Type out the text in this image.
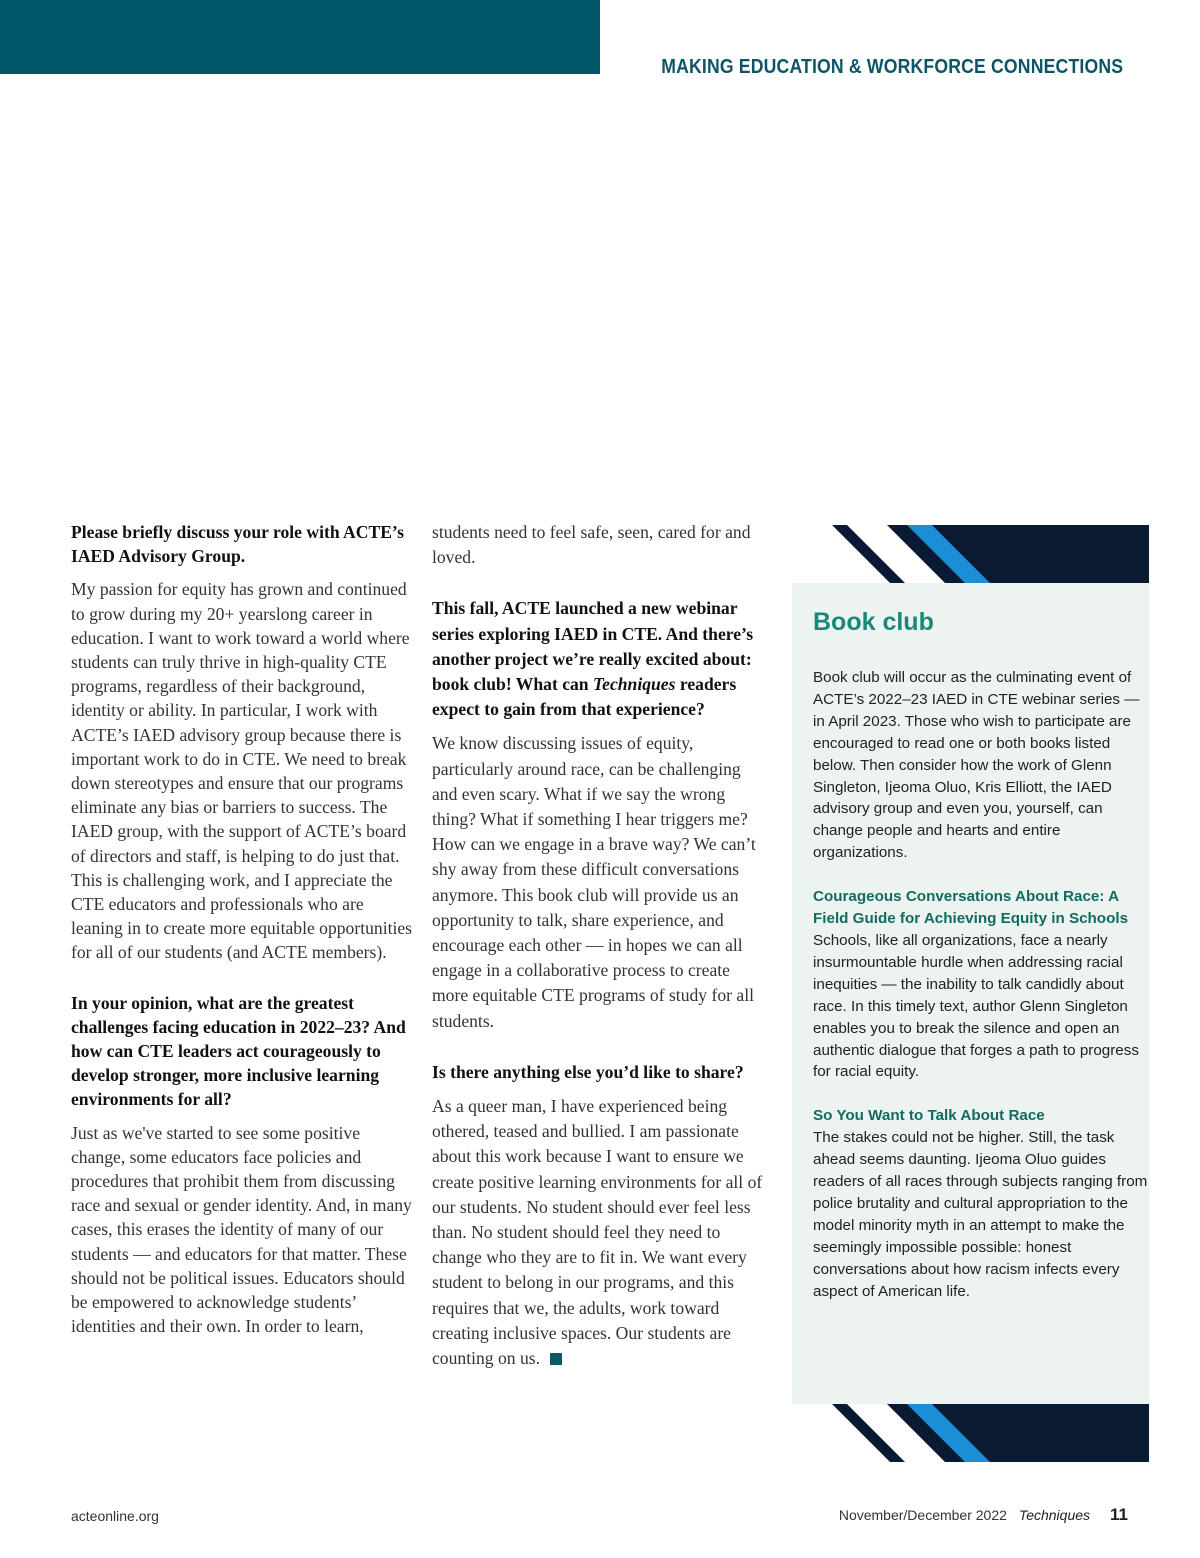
MAKING EDUCATION & WORKFORCE CONNECTIONS

Please briefly discuss your role with ACTE’s IAED Advisory Group.

My passion for equity has grown and continued to grow during my 20+ yearslong career in education. I want to work toward a world where students can truly thrive in high-quality CTE programs, regardless of their background, identity or ability. In particular, I work with ACTE’s IAED advisory group because there is important work to do in CTE. We need to break down stereotypes and ensure that our programs eliminate any bias or barriers to success. The IAED group, with the support of ACTE’s board of directors and staff, is helping to do just that. This is challenging work, and I appreciate the CTE educators and professionals who are leaning in to create more equitable opportunities for all of our students (and ACTE members).

In your opinion, what are the greatest challenges facing education in 2022–23? And how can CTE leaders act courageously to develop stronger, more inclusive learning environments for all?

Just as we've started to see some positive change, some educators face policies and procedures that prohibit them from discussing race and sexual or gender identity. And, in many cases, this erases the identity of many of our students — and educators for that matter. These should not be political issues. Educators should be empowered to acknowledge students’ identities and their own. In order to learn,

students need to feel safe, seen, cared for and loved.

This fall, ACTE launched a new webinar series exploring IAED in CTE. And there’s another project we’re really excited about: book club! What can Techniques readers expect to gain from that experience?

We know discussing issues of equity, particularly around race, can be challenging and even scary. What if we say the wrong thing? What if something I hear triggers me? How can we engage in a brave way? We can’t shy away from these difficult conversations anymore. This book club will provide us an opportunity to talk, share experience, and encourage each other — in hopes we can all engage in a collaborative process to create more equitable CTE programs of study for all students.

Is there anything else you’d like to share?

As a queer man, I have experienced being othered, teased and bullied. I am passionate about this work because I want to ensure we create positive learning environments for all of our students. No student should ever feel less than. No student should feel they need to change who they are to fit in. We want every student to belong in our programs, and this requires that we, the adults, work toward creating inclusive spaces. Our students are counting on us.

Book club

Book club will occur as the culminating event of ACTE’s 2022–23 IAED in CTE webinar series — in April 2023. Those who wish to participate are encouraged to read one or both books listed below. Then consider how the work of Glenn Singleton, Ijeoma Oluo, Kris Elliott, the IAED advisory group and even you, yourself, can change people and hearts and entire organizations.

Courageous Conversations About Race: A Field Guide for Achieving Equity in Schools

Schools, like all organizations, face a nearly insurmountable hurdle when addressing racial inequities — the inability to talk candidly about race. In this timely text, author Glenn Singleton enables you to break the silence and open an authentic dialogue that forges a path to progress for racial equity.

So You Want to Talk About Race

The stakes could not be higher. Still, the task ahead seems daunting. Ijeoma Oluo guides readers of all races through subjects ranging from police brutality and cultural appropriation to the model minority myth in an attempt to make the seemingly impossible possible: honest conversations about how racism infects every aspect of American life.

acteonline.org	November/December 2022 Techniques 11
